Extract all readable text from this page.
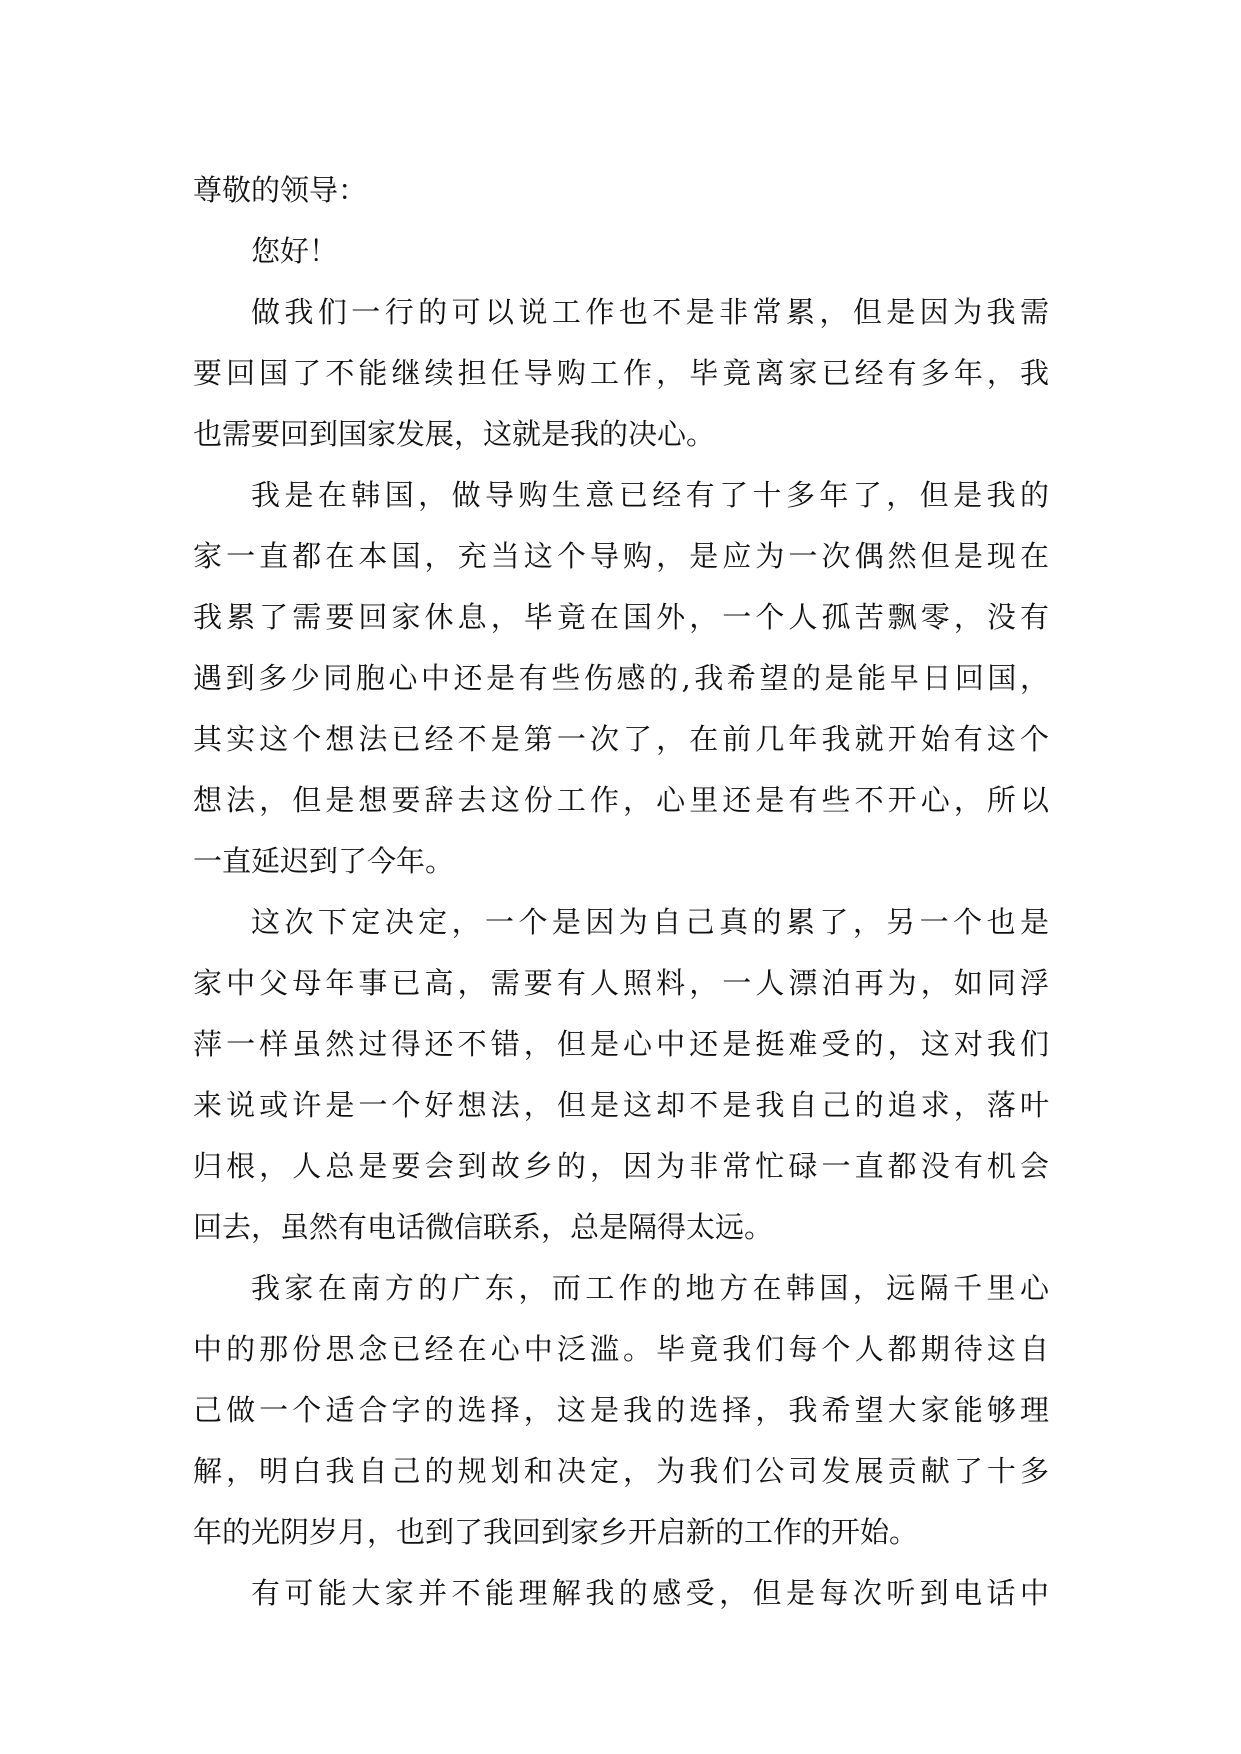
尊敬的领导：

您好！

做我们一行的可以说工作也不是非常累，但是因为我需
要回国了不能继续担任导购工作，毕竟离家已经有多年，我
也需要回到国家发展，这就是我的决心。

我是在韩国，做导购生意已经有了十多年了，但是我的
家一直都在本国，充当这个导购，是应为一次偶然但是现在
我累了需要回家休息，毕竟在国外，一个人孤苦飘零，没有
遇到多少同胞心中还是有些伤感的,我希望的是能早日回国，
其实这个想法已经不是第一次了，在前几年我就开始有这个
想法，但是想要辞去这份工作，心里还是有些不开心，所以
一直延迟到了今年。

这次下定决定，一个是因为自己真的累了，另一个也是
家中父母年事已高，需要有人照料，一人漂泊再为，如同浮
萍一样虽然过得还不错，但是心中还是挺难受的，这对我们
来说或许是一个好想法，但是这却不是我自己的追求，落叶
归根，人总是要会到故乡的，因为非常忙碌一直都没有机会
回去，虽然有电话微信联系，总是隔得太远。

我家在南方的广东，而工作的地方在韩国，远隔千里心
中的那份思念已经在心中泛滥。毕竟我们每个人都期待这自
己做一个适合字的选择，这是我的选择，我希望大家能够理
解，明白我自己的规划和决定，为我们公司发展贡献了十多
年的光阴岁月，也到了我回到家乡开启新的工作的开始。

有可能大家并不能理解我的感受，但是每次听到电话中
